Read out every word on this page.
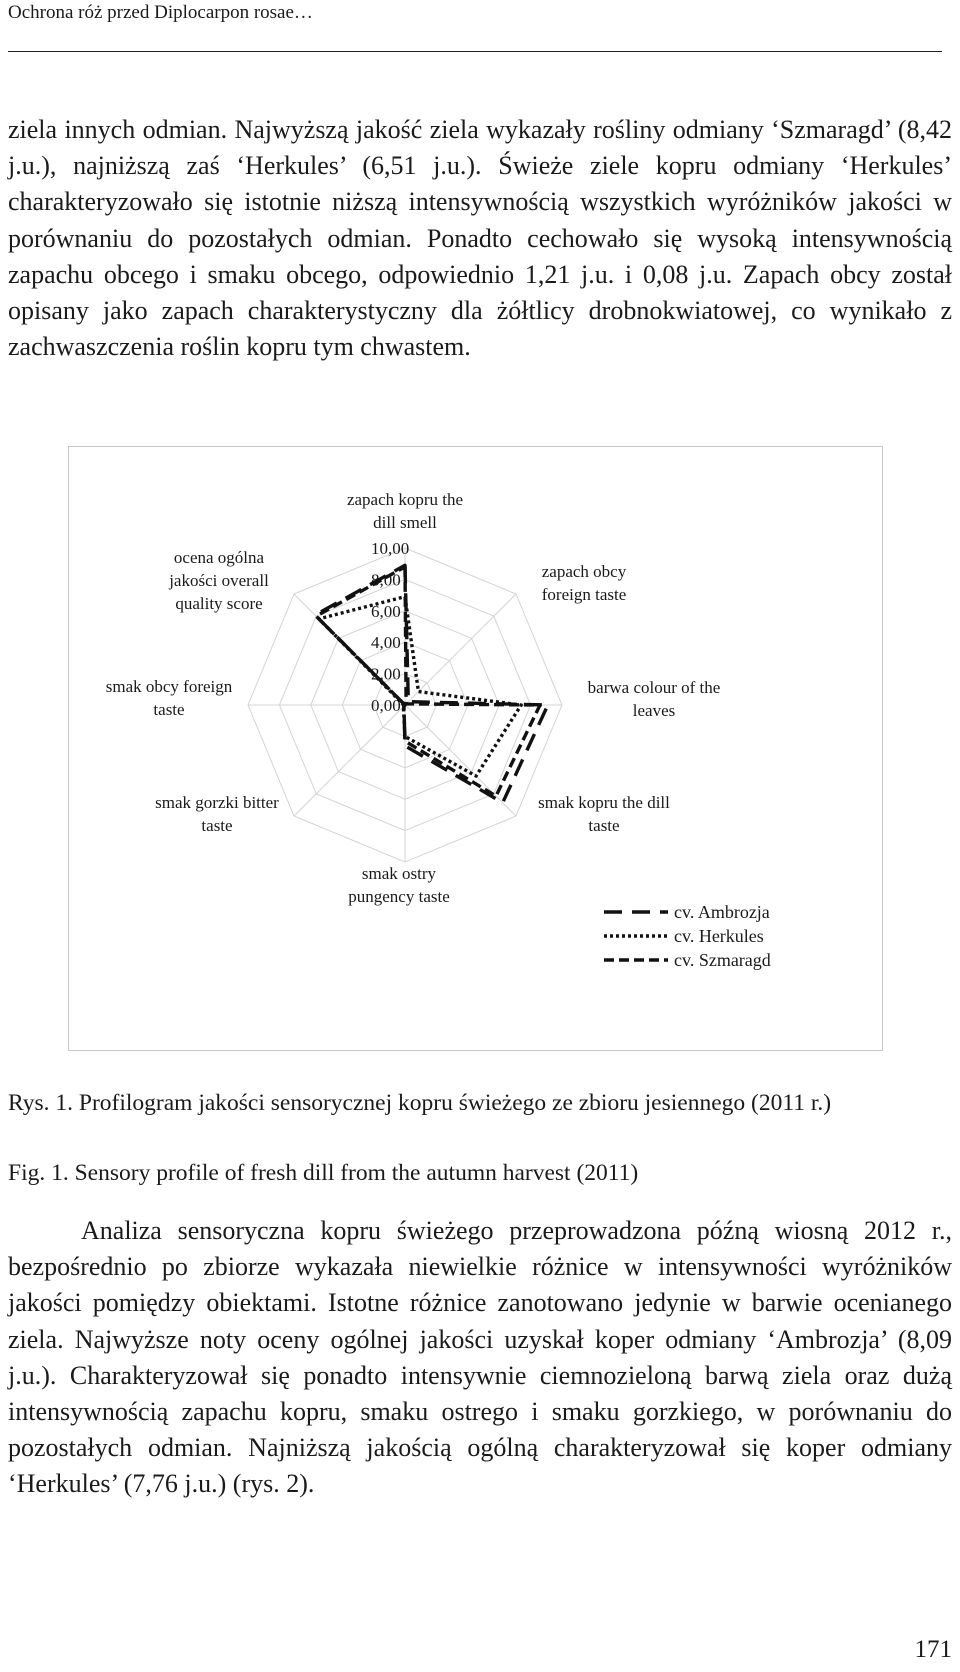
Ochrona róż przed Diplocarpon rosae…

ziela innych odmian. Najwyższą jakość ziela wykazały rośliny odmiany ‘Szmaragd’ (8,42 j.u.), najniższą zaś ‘Herkules’ (6,51 j.u.). Świeże ziele kopru odmiany ‘Herkules’ charakteryzowało się istotnie niższą intensywnością wszystkich wyróżników jakości w porównaniu do pozostałych odmian. Ponadto cechowało się wysoką intensywnością zapachu obcego i smaku obcego, odpowiednio 1,21 j.u. i 0,08 j.u. Zapach obcy został opisany jako zapach charakterystyczny dla żółtlicy drobnokwiatowej, co wynikało z zachwaszczenia roślin kopru tym chwastem.

0,00
2,00
4,00
6,00
8,00
10,00
zapach kopru the dill smell
zapach obcy foreign taste
barwa colour of the leaves
smak kopru the dill taste
smak ostry pungency taste
smak gorzki bitter taste
smak obcy foreign taste
ocena ogólna jakości overall quality score
cv. Ambrozja
cv. Herkules
cv. Szmaragd

Rys. 1. Profilogram jakości sensorycznej kopru świeżego ze zbioru jesiennego (2011 r.)

Fig. 1. Sensory profile of fresh dill from the autumn harvest (2011)

Analiza sensoryczna kopru świeżego przeprowadzona późną wiosną 2012 r., bezpośrednio po zbiorze wykazała niewielkie różnice w intensywności wyróżników jakości pomiędzy obiektami. Istotne różnice zanotowano jedynie w barwie ocenianego ziela. Najwyższe noty oceny ogólnej jakości uzyskał koper odmiany ‘Ambrozja’ (8,09 j.u.). Charakteryzował się ponadto intensywnie ciemnozieloną barwą ziela oraz dużą intensywnością zapachu kopru, smaku ostrego i smaku gorzkiego, w porównaniu do pozostałych odmian. Najniższą jakością ogólną charakteryzował się koper odmiany ‘Herkules’ (7,76 j.u.) (rys. 2).

171
